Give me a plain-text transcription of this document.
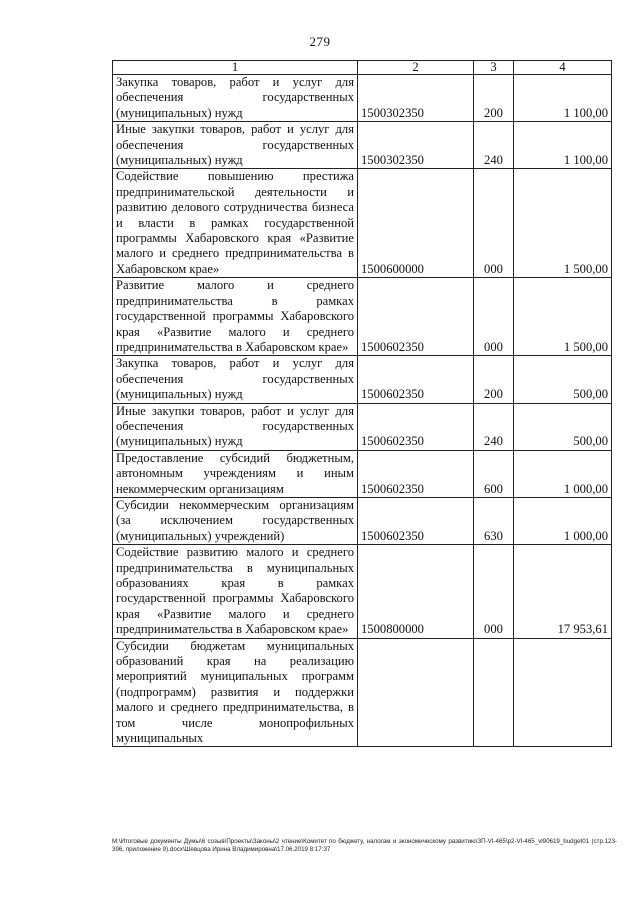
279
1	2	3	4
Закупка товаров, работ и услуг для обеспечения государственных (муниципальных) нужд	1500302350	200	1 100,00
Иные закупки товаров, работ и услуг для обеспечения государственных (муниципальных) нужд	1500302350	240	1 100,00
Содействие повышению престижа предпринимательской деятельности и развитию делового сотрудничества бизнеса и власти в рамках государственной программы Хабаровского края «Развитие малого и среднего предпринимательства в Хабаровском крае»	1500600000	000	1 500,00
Развитие малого и среднего предпринимательства в рамках государственной программы Хабаровского края «Развитие малого и среднего предпринимательства в Хабаровском крае»	1500602350	000	1 500,00
Закупка товаров, работ и услуг для обеспечения государственных (муниципальных) нужд	1500602350	200	500,00
Иные закупки товаров, работ и услуг для обеспечения государственных (муниципальных) нужд	1500602350	240	500,00
Предоставление субсидий бюджетным, автономным учреждениям и иным некоммерческим организациям	1500602350	600	1 000,00
Субсидии некоммерческим организациям (за исключением государственных (муниципальных) учреждений)	1500602350	630	1 000,00
Содействие развитию малого и среднего предпринимательства в муниципальных образованиях края в рамках государственной программы Хабаровского края «Развитие малого и среднего предпринимательства в Хабаровском крае»	1500800000	000	17 953,61
Субсидии бюджетам муниципальных образований края на реализацию мероприятий муниципальных программ (подпрограмм) развития и поддержки малого и среднего предпринимательства, в том числе монопрофильных муниципальных			
М:\Итоговые документы Думы\6 созыв\Проекты\Законы\2 чтение\Комитет по бюджету, налогам и экономическому развитию\ЗП-VI-465\р2-VI-465_vl90619_budget01 (стр.123-396, приложение 9).docx\Шевцова Ирина Владимировна\17.06.2019 8:17:37
